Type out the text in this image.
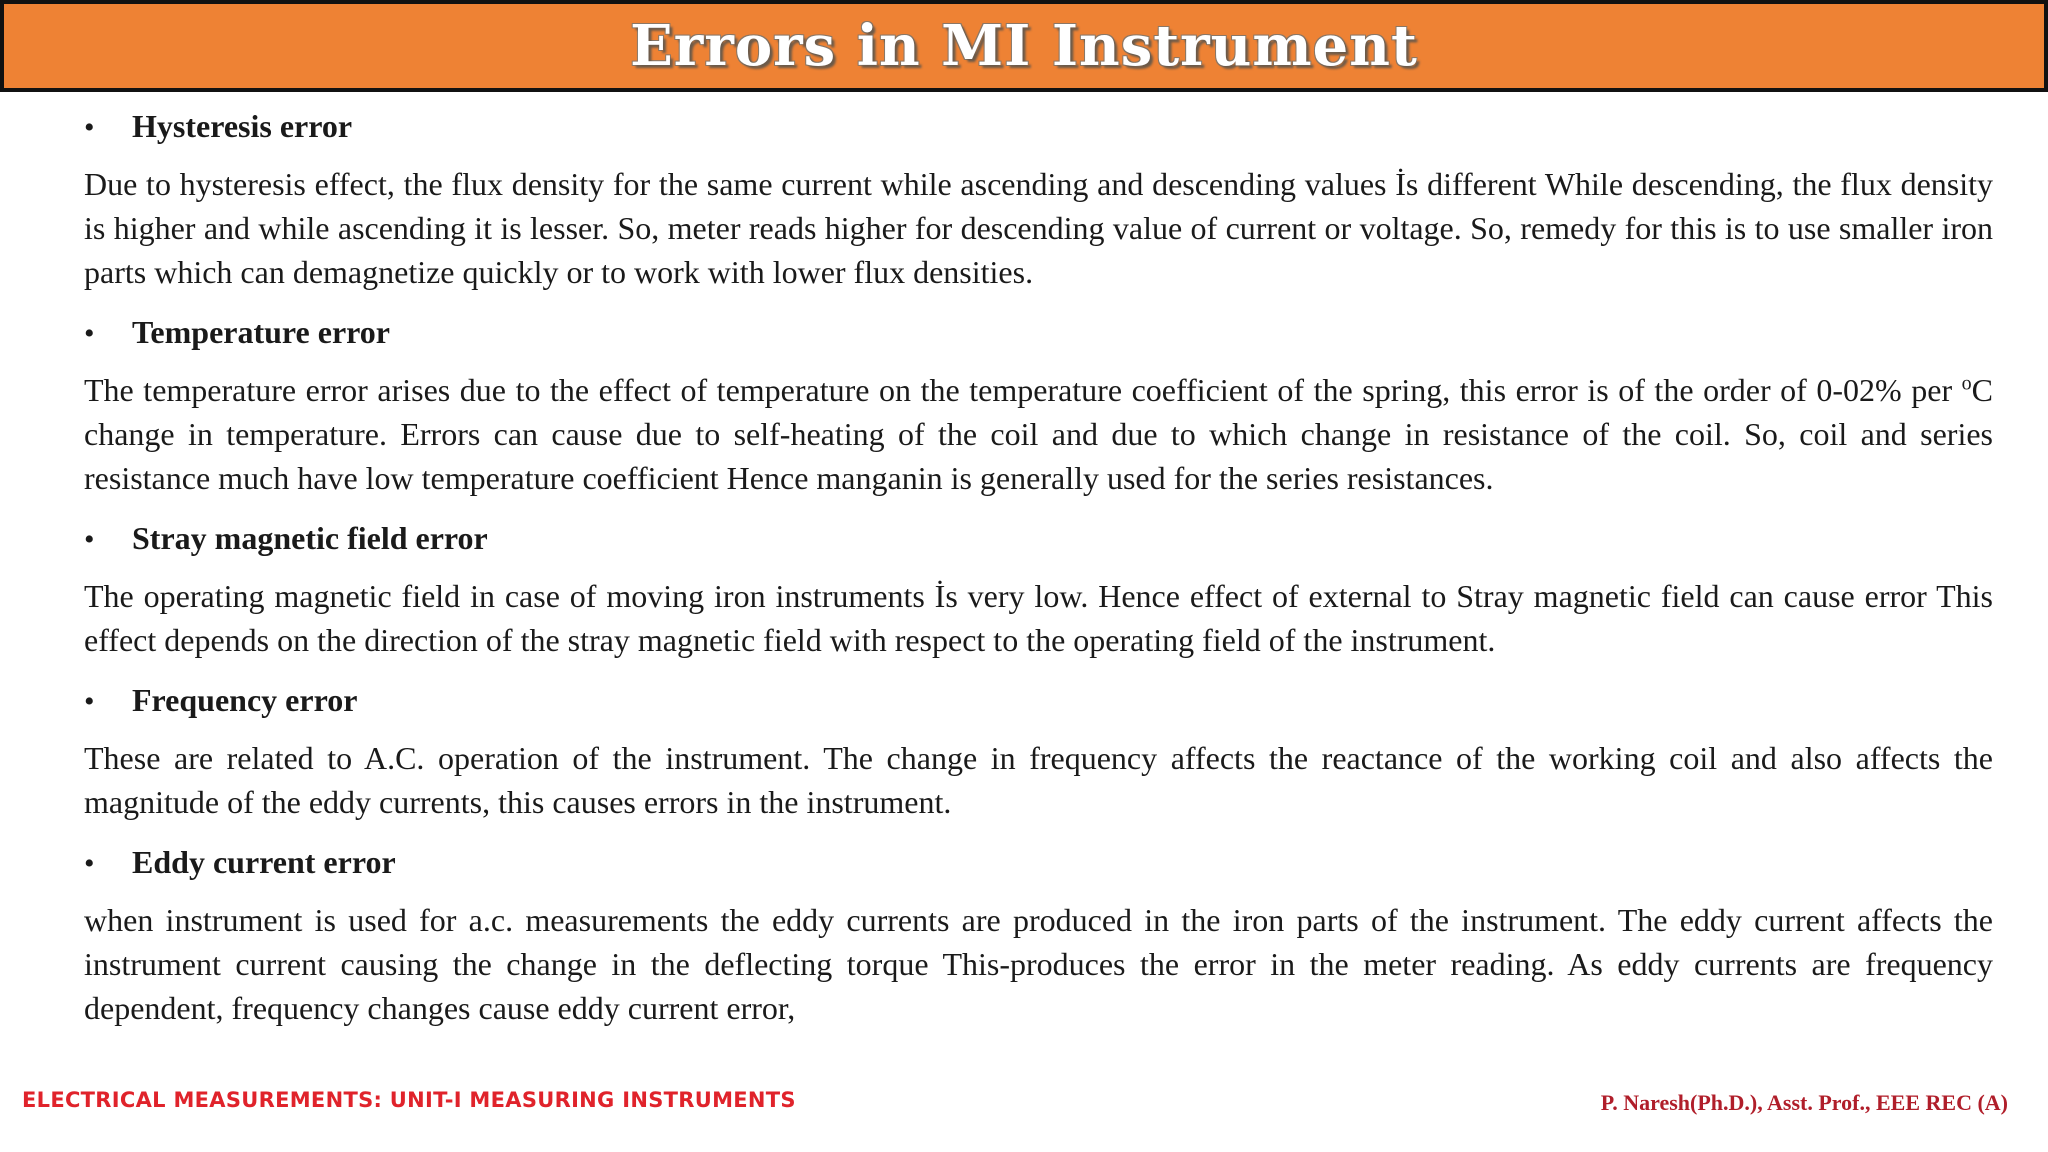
Errors in MI Instrument
•	Hysteresis error

Due to hysteresis effect, the flux density for the same current while ascending and descending values İs different While descending, the flux density is higher and while ascending it is lesser. So, meter reads higher for descending value of current or voltage. So, remedy for this is to use smaller iron parts which can demagnetize quickly or to work with lower flux densities.

•	Temperature error

The temperature error arises due to the effect of temperature on the temperature coefficient of the spring, this error is of the order of 0-02% per $^o$C change in temperature. Errors can cause due to self-heating of the coil and due to which change in resistance of the coil. So, coil and series resistance much have low temperature coefficient Hence manganin is generally used for the series resistances.

•	Stray magnetic field error

The operating magnetic field in case of moving iron instruments İs very low. Hence effect of external to Stray magnetic field can cause error This effect depends on the direction of the stray magnetic field with respect to the operating field of the instrument.

•	Frequency error

These are related to A.C. operation of the instrument. The change in frequency affects the reactance of the working coil and also affects the magnitude of the eddy currents, this causes errors in the instrument.

•	Eddy current error

when instrument is used for a.c. measurements the eddy currents are produced in the iron parts of the instrument. The eddy current affects the instrument current causing the change in the deflecting torque This-produces the error in the meter reading. As eddy currents are frequency dependent, frequency changes cause eddy current error,

ELECTRICAL MEASUREMENTS: UNIT-I MEASURING INSTRUMENTS	P. Naresh(Ph.D.), Asst. Prof., EEE REC (A)
